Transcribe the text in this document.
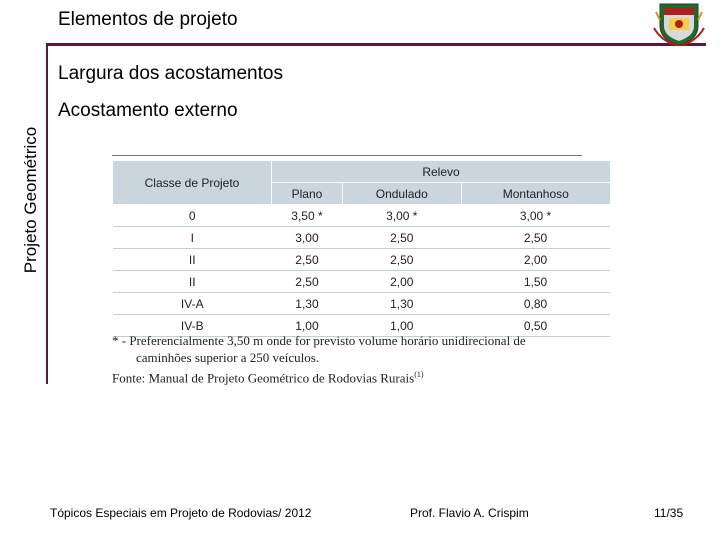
Projeto Geométrico
Elementos de projeto
Largura dos acostamentos
Acostamento externo
Classe de Projeto	Relevo		
	Plano	Ondulado	Montanhoso
0	3,50 *	3,00 *	3,00 *
I	3,00	2,50	2,50
II	2,50	2,50	2,00
II	2,50	2,00	1,50
IV-A	1,30	1,30	0,80
IV-B	1,00	1,00	0,50
* - Preferencialmente 3,50 m onde for previsto volume horário unidirecional de
caminhões superior a 250 veículos.
Fonte: Manual de Projeto Geométrico de Rodovias Rurais$^{(1)}$
Tópicos Especiais em Projeto de Rodovias/ 2012	Prof. Flavio A. Crispim	11/35
